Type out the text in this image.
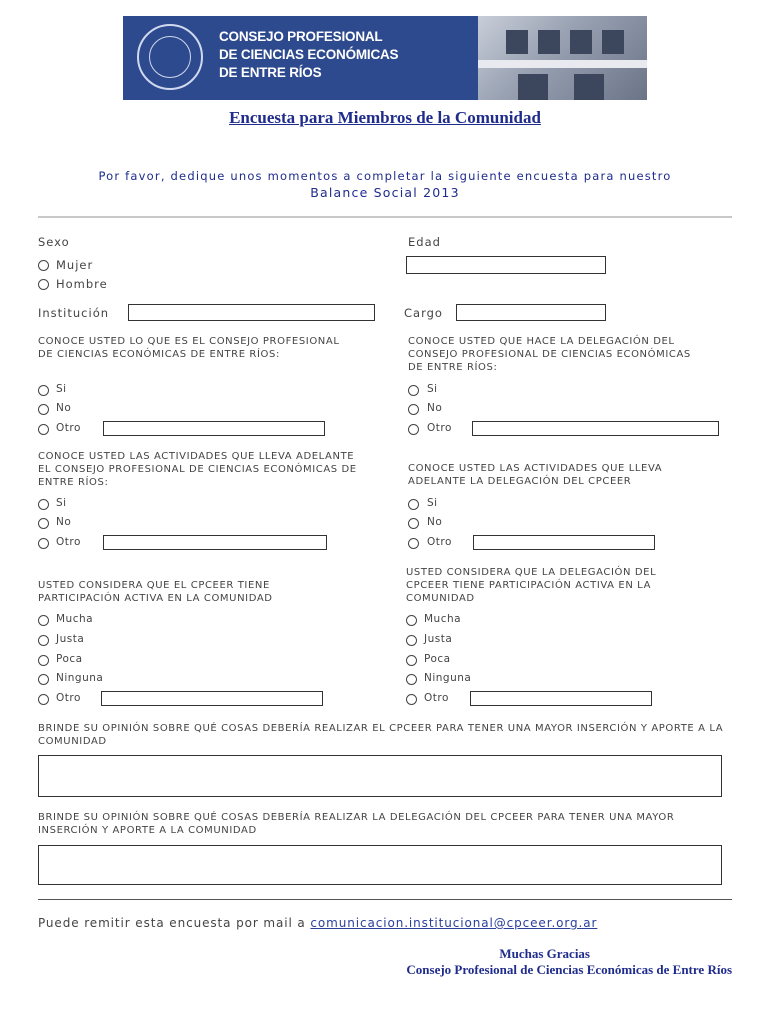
CONSEJO PROFESIONAL
DE CIENCIAS ECONÓMICAS
DE ENTRE RÍOS
Encuesta para Miembros de la Comunidad
Por favor, dedique unos momentos a completar la siguiente encuesta para nuestro
Balance Social 2013
Sexo
Mujer
Hombre
Edad
Institución	Cargo
CONOCE USTED LO QUE ES EL CONSEJO PROFESIONAL DE CIENCIAS ECONÓMICAS DE ENTRE RÍOS:
CONOCE USTED QUE HACE LA DELEGACIÓN DEL CONSEJO PROFESIONAL DE CIENCIAS ECONÓMICAS DE ENTRE RÍOS:
Si
No
Otro
Si
No
Otro
CONOCE USTED LAS ACTIVIDADES QUE LLEVA ADELANTE EL CONSEJO PROFESIONAL DE CIENCIAS ECONÓMICAS DE ENTRE RÍOS:
CONOCE USTED LAS ACTIVIDADES QUE LLEVA ADELANTE LA DELEGACIÓN DEL CPCEER
Si
No
Otro
Si
No
Otro
USTED CONSIDERA QUE EL CPCEER TIENE PARTICIPACIÓN ACTIVA EN LA COMUNIDAD
USTED CONSIDERA QUE LA DELEGACIÓN DEL CPCEER TIENE PARTICIPACIÓN ACTIVA EN LA COMUNIDAD
Mucha
Justa
Poca
Ninguna
Otro
Mucha
Justa
Poca
Ninguna
Otro
BRINDE SU OPINIÓN SOBRE QUÉ COSAS DEBERÍA REALIZAR EL CPCEER PARA TENER UNA MAYOR INSERCIÓN Y APORTE A LA COMUNIDAD
BRINDE SU OPINIÓN SOBRE QUÉ COSAS DEBERÍA REALIZAR LA DELEGACIÓN DEL CPCEER PARA TENER UNA MAYOR INSERCIÓN Y APORTE A LA COMUNIDAD
Puede remitir esta encuesta por mail a comunicacion.institucional@cpceer.org.ar
Muchas Gracias
Consejo Profesional de Ciencias Económicas de Entre Ríos
